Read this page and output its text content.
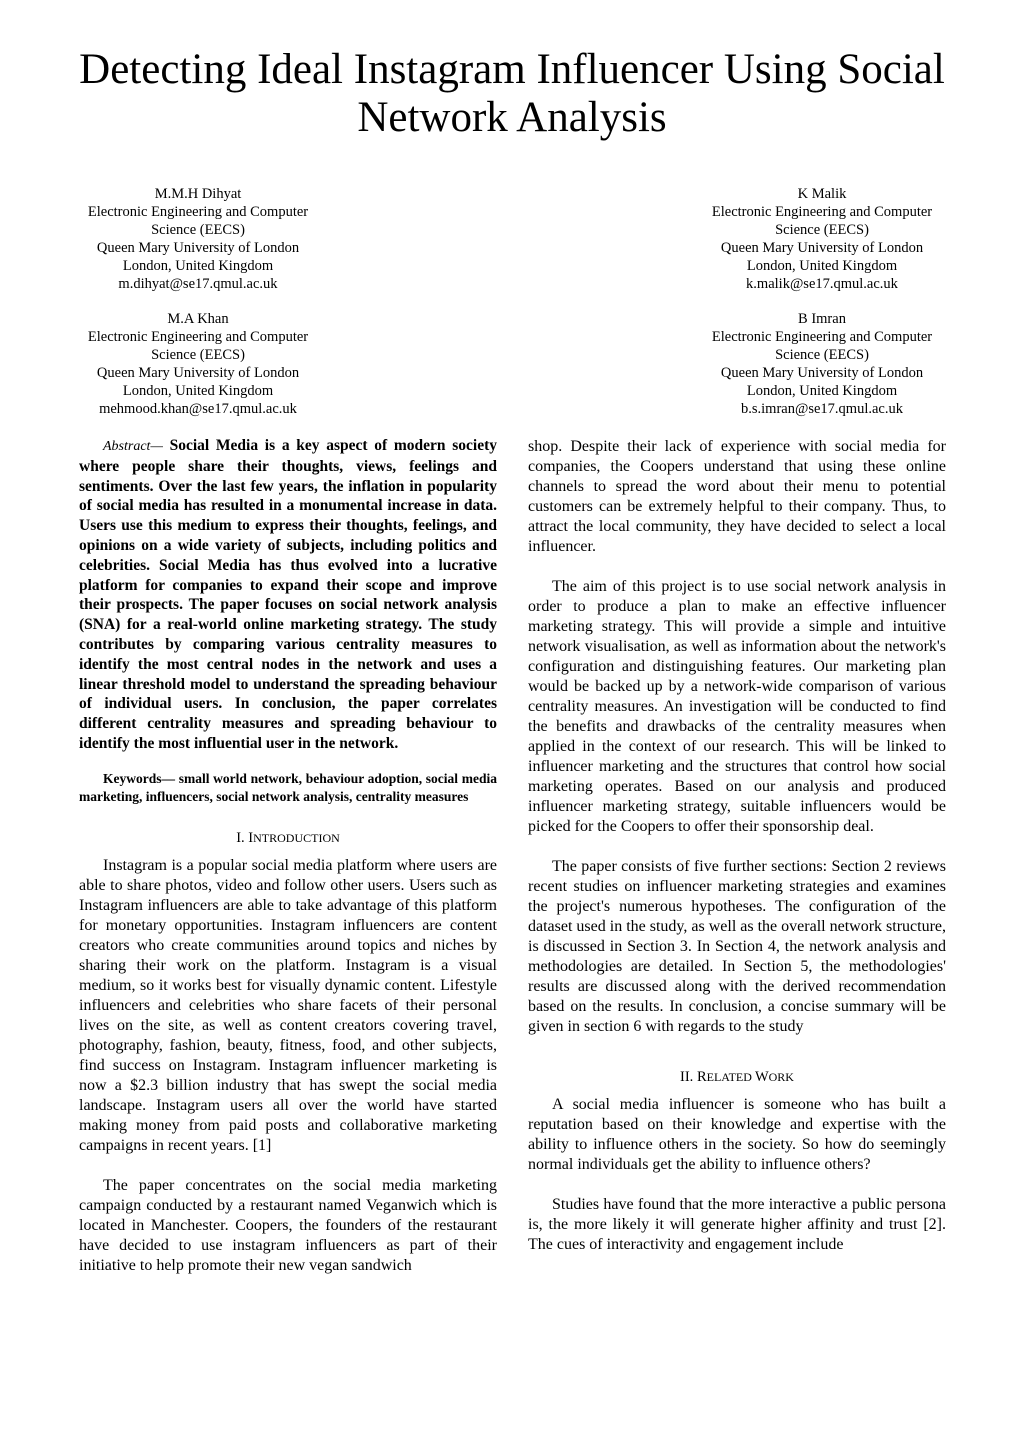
Detecting Ideal Instagram Influencer Using Social Network Analysis
M.M.H Dihyat
Electronic Engineering and Computer
Science (EECS)
Queen Mary University of London
London, United Kingdom
m.dihyat@se17.qmul.ac.uk
K Malik
Electronic Engineering and Computer
Science (EECS)
Queen Mary University of London
London, United Kingdom
k.malik@se17.qmul.ac.uk
M.A Khan
Electronic Engineering and Computer
Science (EECS)
Queen Mary University of London
London, United Kingdom
mehmood.khan@se17.qmul.ac.uk
B Imran
Electronic Engineering and Computer
Science (EECS)
Queen Mary University of London
London, United Kingdom
b.s.imran@se17.qmul.ac.uk

Abstract— Social Media is a key aspect of modern society where people share their thoughts, views, feelings and sentiments. Over the last few years, the inflation in popularity of social media has resulted in a monumental increase in data. Users use this medium to express their thoughts, feelings, and opinions on a wide variety of subjects, including politics and celebrities. Social Media has thus evolved into a lucrative platform for companies to expand their scope and improve their prospects. The paper focuses on social network analysis (SNA) for a real-world online marketing strategy. The study contributes by comparing various centrality measures to identify the most central nodes in the network and uses a linear threshold model to understand the spreading behaviour of individual users. In conclusion, the paper correlates different centrality measures and spreading behaviour to identify the most influential user in the network.

Keywords— small world network, behaviour adoption, social media marketing, influencers, social network analysis, centrality measures

I. INTRODUCTION

Instagram is a popular social media platform where users are able to share photos, video and follow other users. Users such as Instagram influencers are able to take advantage of this platform for monetary opportunities. Instagram influencers are content creators who create communities around topics and niches by sharing their work on the platform. Instagram is a visual medium, so it works best for visually dynamic content. Lifestyle influencers and celebrities who share facets of their personal lives on the site, as well as content creators covering travel, photography, fashion, beauty, fitness, food, and other subjects, find success on Instagram. Instagram influencer marketing is now a $2.3 billion industry that has swept the social media landscape. Instagram users all over the world have started making money from paid posts and collaborative marketing campaigns in recent years. [1]

The paper concentrates on the social media marketing campaign conducted by a restaurant named Veganwich which is located in Manchester. Coopers, the founders of the restaurant have decided to use instagram influencers as part of their initiative to help promote their new vegan sandwich

shop. Despite their lack of experience with social media for companies, the Coopers understand that using these online channels to spread the word about their menu to potential customers can be extremely helpful to their company. Thus, to attract the local community, they have decided to select a local influencer.

The aim of this project is to use social network analysis in order to produce a plan to make an effective influencer marketing strategy. This will provide a simple and intuitive network visualisation, as well as information about the network's configuration and distinguishing features. Our marketing plan would be backed up by a network-wide comparison of various centrality measures. An investigation will be conducted to find the benefits and drawbacks of the centrality measures when applied in the context of our research. This will be linked to influencer marketing and the structures that control how social marketing operates. Based on our analysis and produced influencer marketing strategy, suitable influencers would be picked for the Coopers to offer their sponsorship deal.

The paper consists of five further sections: Section 2 reviews recent studies on influencer marketing strategies and examines the project's numerous hypotheses. The configuration of the dataset used in the study, as well as the overall network structure, is discussed in Section 3. In Section 4, the network analysis and methodologies are detailed. In Section 5, the methodologies' results are discussed along with the derived recommendation based on the results. In conclusion, a concise summary will be given in section 6 with regards to the study

II. RELATED WORK

A social media influencer is someone who has built a reputation based on their knowledge and expertise with the ability to influence others in the society. So how do seemingly normal individuals get the ability to influence others?

Studies have found that the more interactive a public persona is, the more likely it will generate higher affinity and trust [2]. The cues of interactivity and engagement include
